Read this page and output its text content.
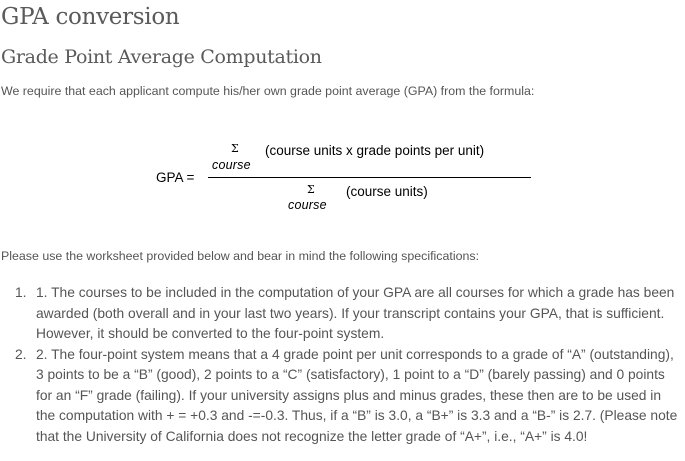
GPA conversion
Grade Point Average Computation

We require that each applicant compute his/her own grade point average (GPA) from the formula:

GPA =
Σ
course
(course units x grade points per unit)
Σ
course
(course units)

Please use the worksheet provided below and bear in mind the following specifications:

1. 1. The courses to be included in the computation of your GPA are all courses for which a grade has been awarded (both overall and in your last two years). If your transcript contains your GPA, that is sufficient. However, it should be converted to the four-point system.
2. 2. The four-point system means that a 4 grade point per unit corresponds to a grade of “A” (outstanding), 3 points to be a “B” (good), 2 points to a “C” (satisfactory), 1 point to a “D” (barely passing) and 0 points for an “F” grade (failing). If your university assigns plus and minus grades, these then are to be used in the computation with + = +0.3 and -=-0.3. Thus, if a “B” is 3.0, a “B+” is 3.3 and a “B-” is 2.7. (Please note that the University of California does not recognize the letter grade of “A+”, i.e., “A+” is 4.0!
